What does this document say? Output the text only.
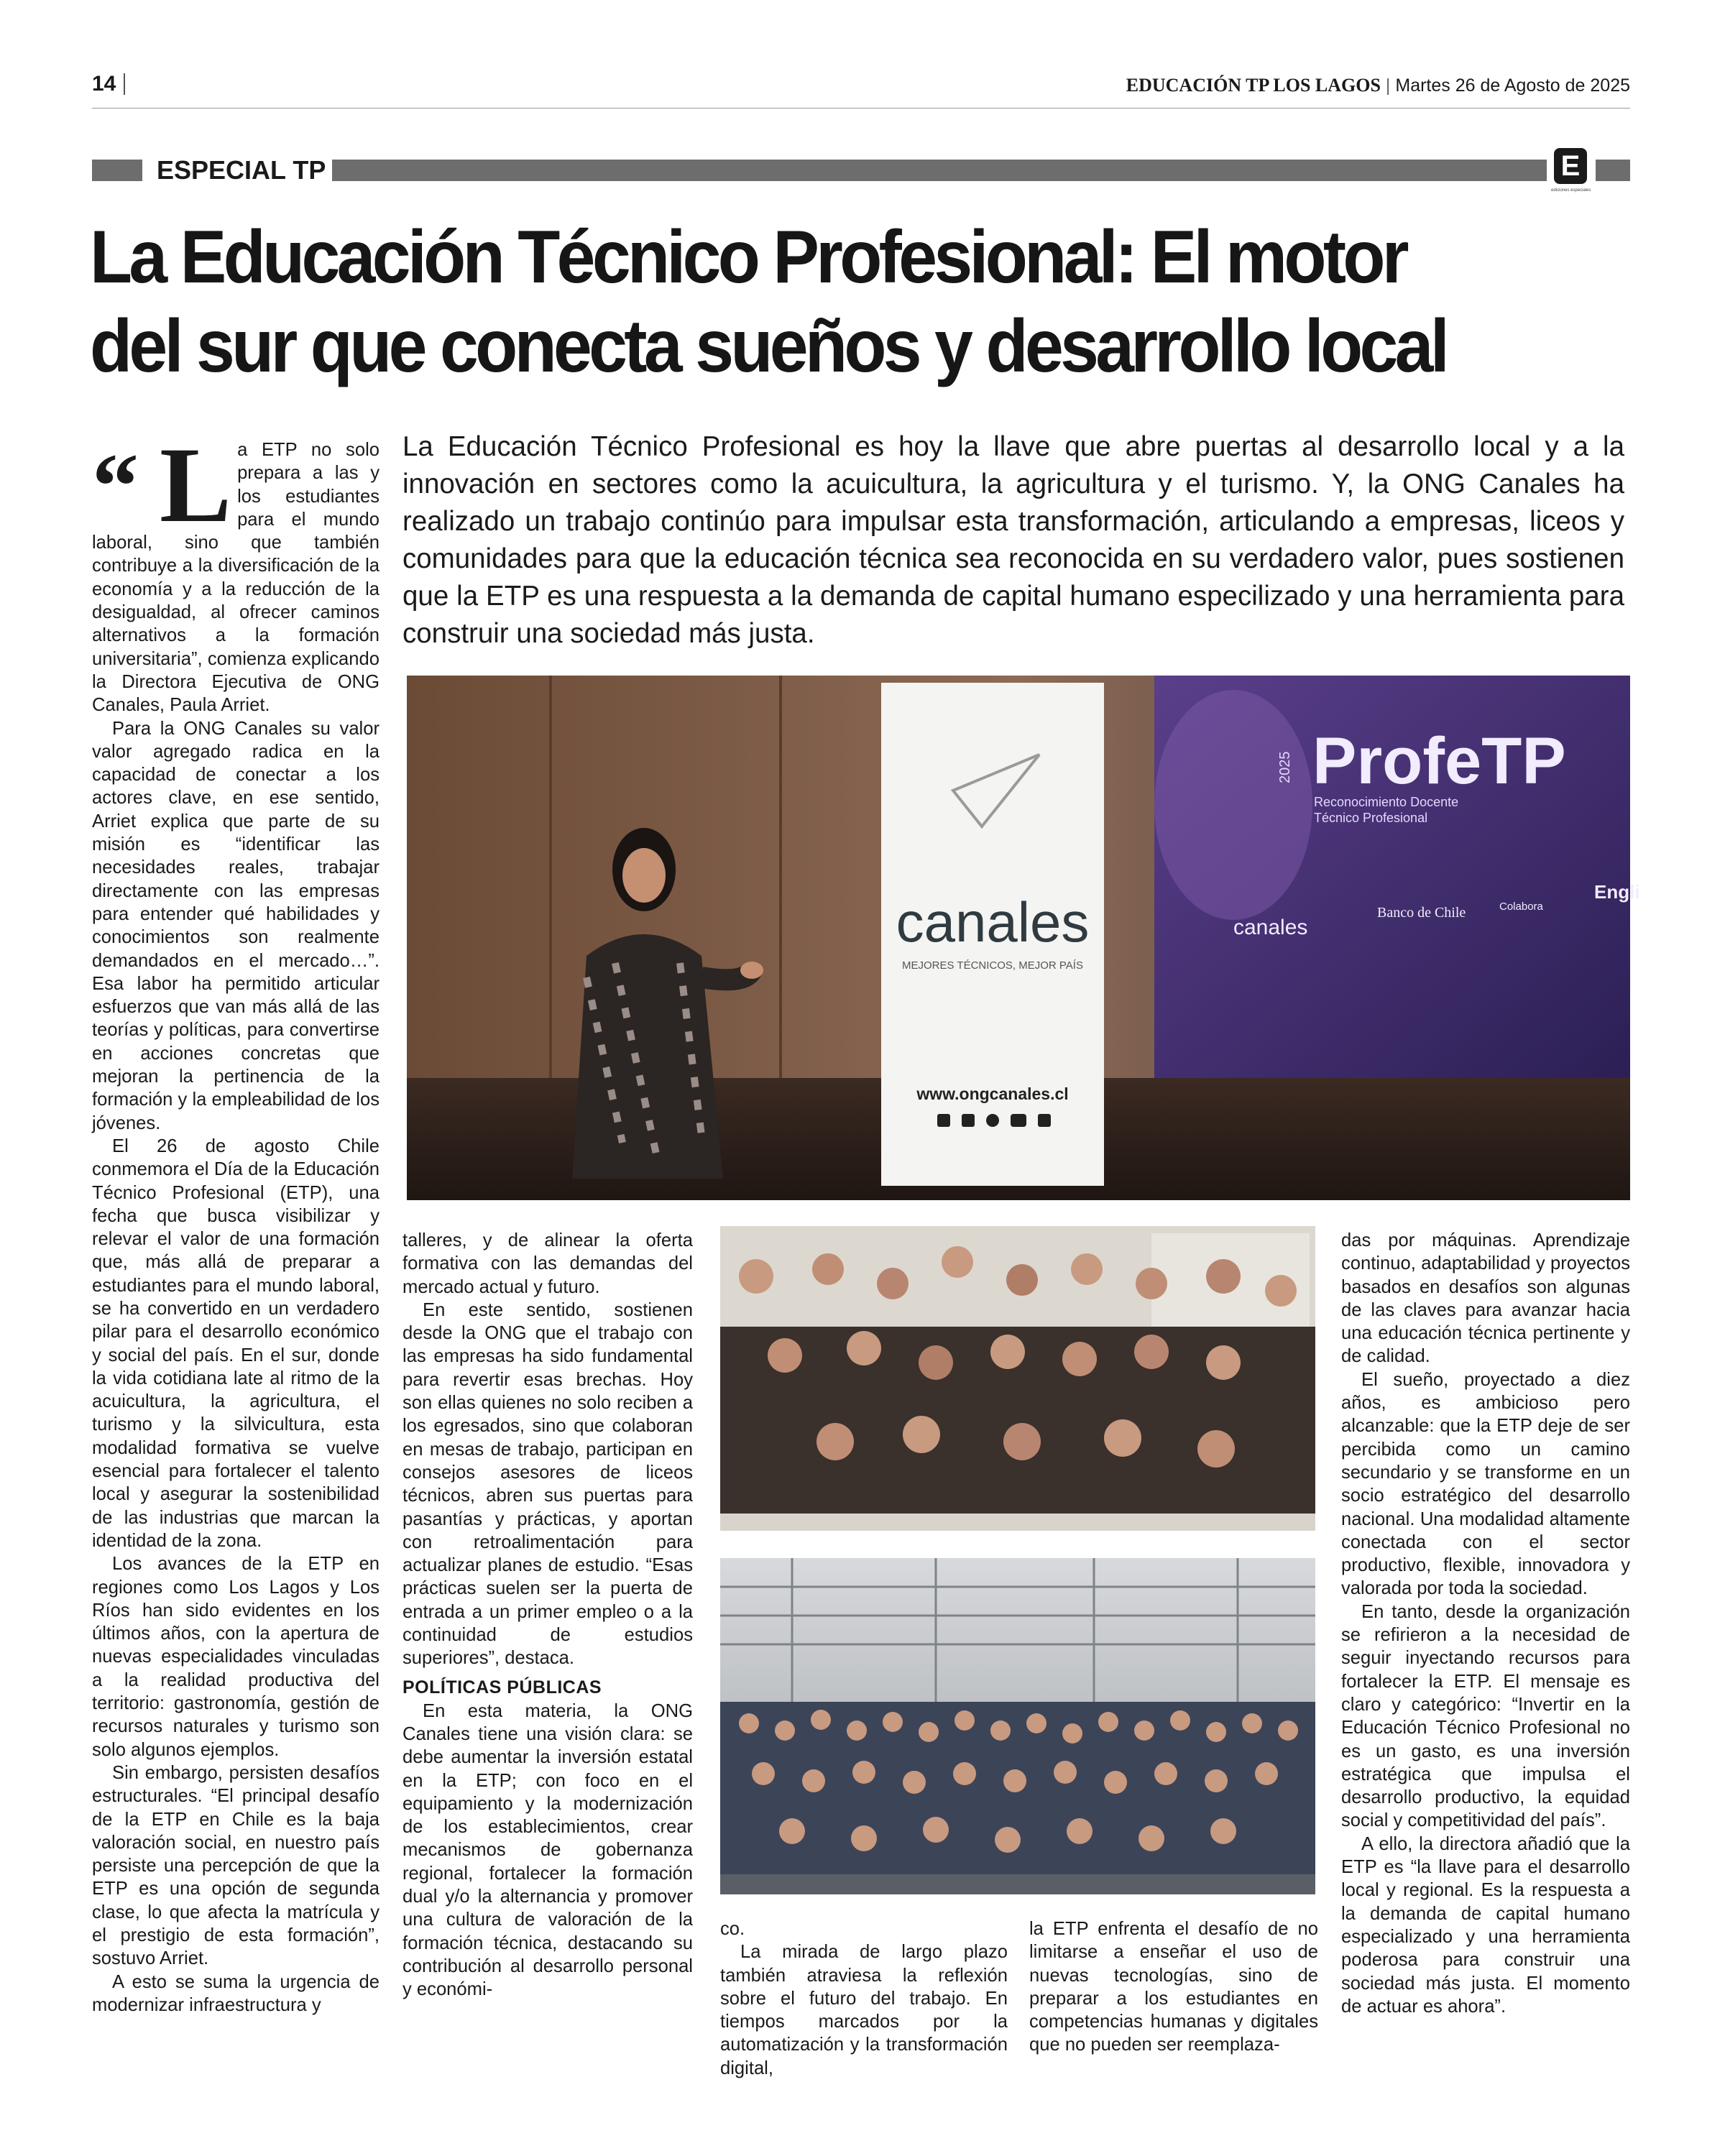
14	EDUCACIÓN TP LOS LAGOS | Martes 26 de Agosto de 2025
ESPECIAL TP	E
ediciones especiales
La Educación Técnico Profesional: El motor
del sur que conecta sueños y desarrollo local
La Educación Técnico Profesional es hoy la llave que abre puertas al desarrollo local y a la innovación en sectores como la acuicultura, la agricultura y el turismo. Y, la ONG Canales ha realizado un trabajo continúo para impulsar esta transformación, articulando a empresas, liceos y comunidades para que la educación técnica sea reconocida en su verdadero valor, pues sostienen que la ETP es una respuesta a la demanda de capital humano especilizado y una herramienta para construir una sociedad más justa.
“ La ETP no solo prepara a las y los estudiantes para el mundo laboral, sino que también contribuye a la diversificación de la economía y a la reducción de la desigualdad, al ofrecer caminos alternativos a la formación universitaria”, comienza explicando la Directora Ejecutiva de ONG Canales, Paula Arriet.

Para la ONG Canales su valor valor agregado radica en la capacidad de conectar a los actores clave, en ese sentido, Arriet explica que parte de su misión es “identificar las necesidades reales, trabajar directamente con las empresas para entender qué habilidades y conocimientos son realmente demandados en el mercado…”. Esa labor ha permitido articular esfuerzos que van más allá de las teorías y políticas, para convertirse en acciones concretas que mejoran la pertinencia de la formación y la empleabilidad de los jóvenes.

El 26 de agosto Chile conmemora el Día de la Educación Técnico Profesional (ETP), una fecha que busca visibilizar y relevar el valor de una formación que, más allá de preparar a estudiantes para el mundo laboral, se ha convertido en un verdadero pilar para el desarrollo económico y social del país. En el sur, donde la vida cotidiana late al ritmo de la acuicultura, la agricultura, el turismo y la silvicultura, esta modalidad formativa se vuelve esencial para fortalecer el talento local y asegurar la sostenibilidad de las industrias que marcan la identidad de la zona.

Los avances de la ETP en regiones como Los Lagos y Los Ríos han sido evidentes en los últimos años, con la apertura de nuevas especialidades vinculadas a la realidad productiva del territorio: gastronomía, gestión de recursos naturales y turismo son solo algunos ejemplos.

Sin embargo, persisten desafíos estructurales. “El principal desafío de la ETP en Chile es la baja valoración social, en nuestro país persiste una percepción de que la ETP es una opción de segunda clase, lo que afecta la matrícula y el prestigio de esta formación”, sostuvo Arriet.

A esto se suma la urgencia de modernizar infraestructura y

talleres, y de alinear la oferta formativa con las demandas del mercado actual y futuro.

En este sentido, sostienen desde la ONG que el trabajo con las empresas ha sido fundamental para revertir esas brechas. Hoy son ellas quienes no solo reciben a los egresados, sino que colaboran en mesas de trabajo, participan en consejos asesores de liceos técnicos, abren sus puertas para pasantías y prácticas, y aportan con retroalimentación para actualizar planes de estudio. “Esas prácticas suelen ser la puerta de entrada a un primer empleo o a la continuidad de estudios superiores”, destaca.

POLÍTICAS PÚBLICAS

En esta materia, la ONG Canales tiene una visión clara: se debe aumentar la inversión estatal en la ETP; con foco en el equipamiento y la modernización de los establecimientos, crear mecanismos de gobernanza regional, fortalecer la formación dual y/o la alternancia y promover una cultura de valoración de la formación técnica, destacando su contribución al desarrollo personal y económi-

co.

La mirada de largo plazo también atraviesa la reflexión sobre el futuro del trabajo. En tiempos marcados por la automatización y la transformación digital,

la ETP enfrenta el desafío de no limitarse a enseñar el uso de nuevas tecnologías, sino de preparar a los estudiantes en competencias humanas y digitales que no pueden ser reemplaza-

das por máquinas. Aprendizaje continuo, adaptabilidad y proyectos basados en desafíos son algunas de las claves para avanzar hacia una educación técnica pertinente y de calidad.

El sueño, proyectado a diez años, es ambicioso pero alcanzable: que la ETP deje de ser percibida como un camino secundario y se transforme en un socio estratégico del desarrollo nacional. Una modalidad altamente conectada con el sector productivo, flexible, innovadora y valorada por toda la sociedad.

En tanto, desde la organización se refirieron a la necesidad de seguir inyectando recursos para fortalecer la ETP. El mensaje es claro y categórico: “Invertir en la Educación Técnico Profesional no es un gasto, es una inversión estratégica que impulsa el desarrollo productivo, la equidad social y competitividad del país”.

A ello, la directora añadió que la ETP es “la llave para el desarrollo local y regional. Es la respuesta a la demanda de capital humano especializado y una herramienta poderosa para construir una sociedad más justa. El momento de actuar es ahora”.

canales
MEJORES TÉCNICOS, MEJOR PAÍS
www.ongcanales.cl
ProfeTP
2025
Reconocimiento Docente
Técnico Profesional
canales
Banco de Chile	Colabora
Engli
